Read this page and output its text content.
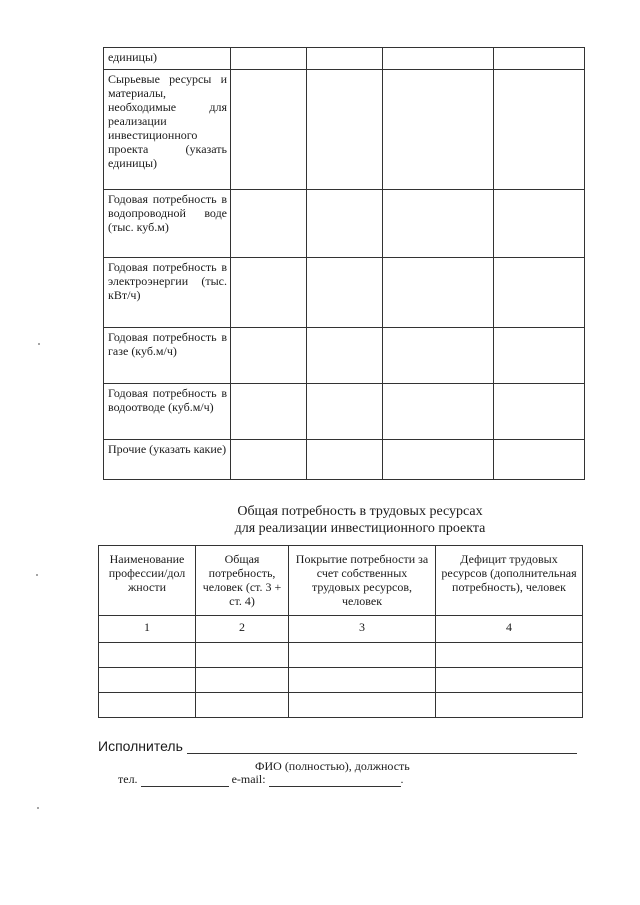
единицы)				
Сырьевые ресурсы и материалы, необходимые для реализации инвестиционного проекта (указать единицы)				
Годовая потребность в водопроводной воде (тыс. куб.м)				
Годовая потребность в электроэнергии (тыс. кВт/ч)				
Годовая потребность в газе (куб.м/ч)				
Годовая потребность в водоотводе (куб.м/ч)				
Прочие (указать какие)				
Общая потребность в трудовых ресурсах
для реализации инвестиционного проекта
Наименование профессии/дол жности	Общая потребность, человек (ст. 3 + ст. 4)	Покрытие потребности за счет собственных трудовых ресурсов, человек	Дефицит трудовых ресурсов (дополнительная потребность), человек
1	2	3	4

Исполнитель
ФИО (полностью), должность
тел.	e-mail:	.
